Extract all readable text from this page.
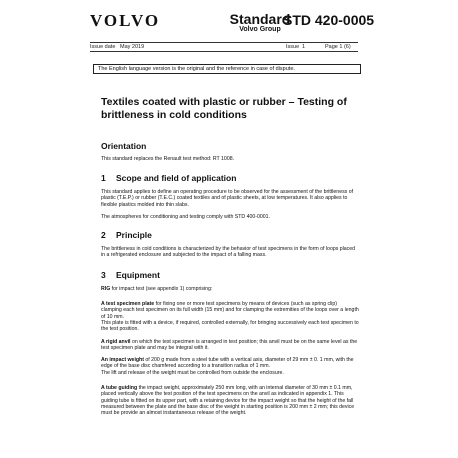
VOLVO	Standard
Volvo Group
STD 420-0005
Issue date May 2019	Issue 1	Page 1 (6)
The English language version is the original and the reference in case of dispute.
Textiles coated with plastic or rubber – Testing of brittleness in cold conditions
Orientation
This standard replaces the Renault test method: RT 1008.
1 Scope and field of application
This standard applies to define an operating procedure to be observed for the assessment of the brittleness of plastic (T.E.P.) or rubber (T.E.C.) coated textiles and of plastic sheets, at low temperatures. It also applies to flexible plastics molded into thin slabs.
The atmospheres for conditioning and testing comply with STD 400-0001.
2 Principle
The brittleness in cold conditions is characterized by the behavior of test specimens in the form of loops placed in a refrigerated enclosure and subjected to the impact of a falling mass.
3 Equipment
RIG for impact test (see appendix 1) comprising:
A test specimen plate for fixing one or more test specimens by means of devices (such as spring clip) clamping each test specimen on its full width (15 mm) and for clamping the extremities of the loops over a length of 10 mm.
This plate is fitted with a device, if required, controlled externally, for bringing successively each test specimen to the test position.
A rigid anvil on which the test specimen is arranged in test position; this anvil must be on the same level as the test specimen plate and may be integral with it.
An impact weight of 200 g made from a steel tube with a vertical axis, diameter of 29 mm ± 0. 1 mm, with the edge of the base disc chamfered according to a transition radius of 1 mm.
The lift and release of the weight must be controlled from outside the enclosure.
A tube guiding the impact weight, approximately 250 mm long, with an internal diameter of 30 mm ± 0.1 mm, placed vertically above the test position of the test specimens on the anvil as indicated in appendix 1. This guiding tube is fitted on its upper part, with a retaining device for the impact weight so that the height of the fall measured between the plate and the base disc of the weight in starting position is 200 mm ± 2 mm; this device must be provide an almost instantaneous release of the weight.
